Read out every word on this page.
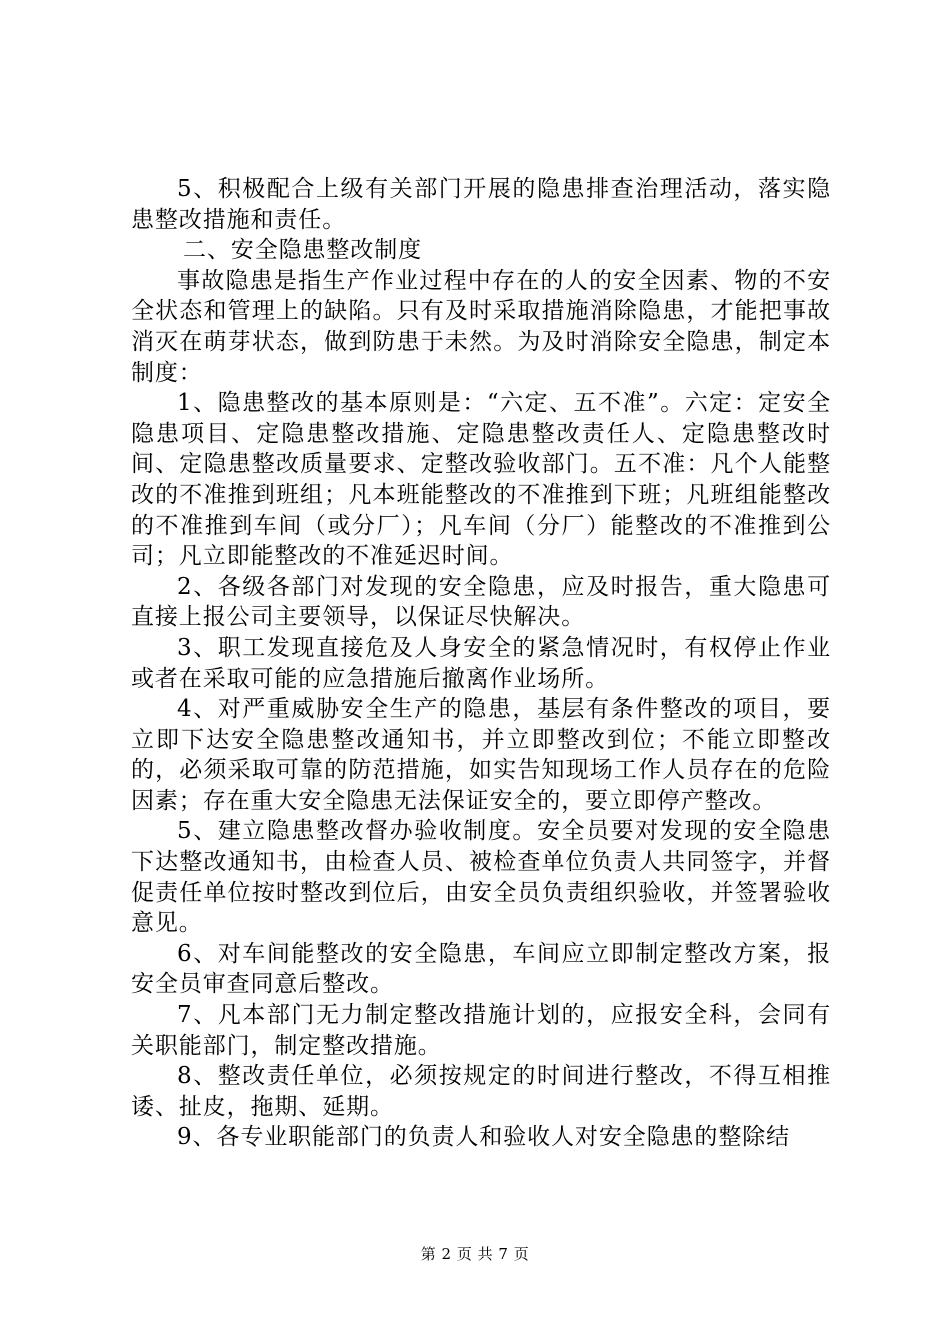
5、积极配合上级有关部门开展的隐患排查治理活动，落实隐患整改措施和责任。

二、安全隐患整改制度

事故隐患是指生产作业过程中存在的人的安全因素、物的不安全状态和管理上的缺陷。只有及时采取措施消除隐患，才能把事故消灭在萌芽状态，做到防患于未然。为及时消除安全隐患，制定本制度：

1、隐患整改的基本原则是：“六定、五不准”。六定：定安全隐患项目、定隐患整改措施、定隐患整改责任人、定隐患整改时间、定隐患整改质量要求、定整改验收部门。五不准：凡个人能整改的不准推到班组；凡本班能整改的不准推到下班；凡班组能整改的不准推到车间（或分厂）；凡车间（分厂）能整改的不准推到公司；凡立即能整改的不准延迟时间。

2、各级各部门对发现的安全隐患，应及时报告，重大隐患可直接上报公司主要领导，以保证尽快解决。

3、职工发现直接危及人身安全的紧急情况时，有权停止作业或者在采取可能的应急措施后撤离作业场所。

4、对严重威胁安全生产的隐患，基层有条件整改的项目，要立即下达安全隐患整改通知书，并立即整改到位；不能立即整改的，必须采取可靠的防范措施，如实告知现场工作人员存在的危险因素；存在重大安全隐患无法保证安全的，要立即停产整改。

5、建立隐患整改督办验收制度。安全员要对发现的安全隐患下达整改通知书，由检查人员、被检查单位负责人共同签字，并督促责任单位按时整改到位后，由安全员负责组织验收，并签署验收意见。

6、对车间能整改的安全隐患，车间应立即制定整改方案，报安全员审查同意后整改。

7、凡本部门无力制定整改措施计划的，应报安全科，会同有关职能部门，制定整改措施。

8、整改责任单位，必须按规定的时间进行整改，不得互相推诿、扯皮，拖期、延期。

9、各专业职能部门的负责人和验收人对安全隐患的整除结

第 2 页 共 7 页
